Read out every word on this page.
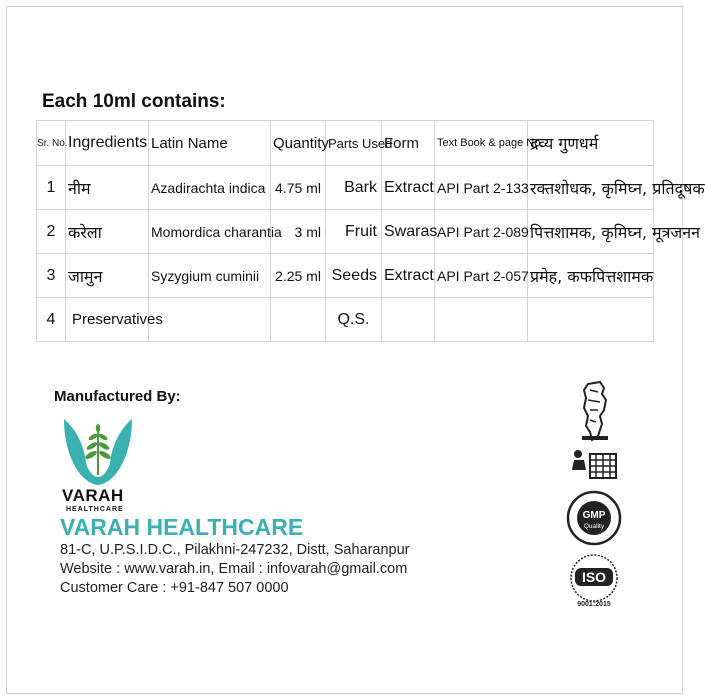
Each 10ml contains:
Sr. No.	Ingredients	Latin Name	Quantity	Parts Used	Form	Text Book & page No.	द्रव्य गुणधर्म
1	नीम	Azadirachta indica	4.75 ml	Bark	Extract	API Part 2-133	रक्तशोधक, कृमिघ्न, प्रतिदूषक
2	करेला	Momordica charantia	3 ml	Fruit	Swaras	API Part 2-089	पित्तशामक, कृमिघ्न, मूत्रजनन
3	जामुन	Syzygium cuminii	2.25 ml	Seeds	Extract	API Part 2-057	प्रमेह, कफपित्तशामक
4	Preservatives			Q.S.			
Manufactured By:
VARAH
HEALTHCARE
VARAH HEALTHCARE
81-C, U.P.S.I.D.C., Pilakhni-247232, Distt, Saharanpur
Website : www.varah.in, Email : infovarah@gmail.com
Customer Care : +91-847 507 0000
GMP
Quality
ISO
9001:2015
